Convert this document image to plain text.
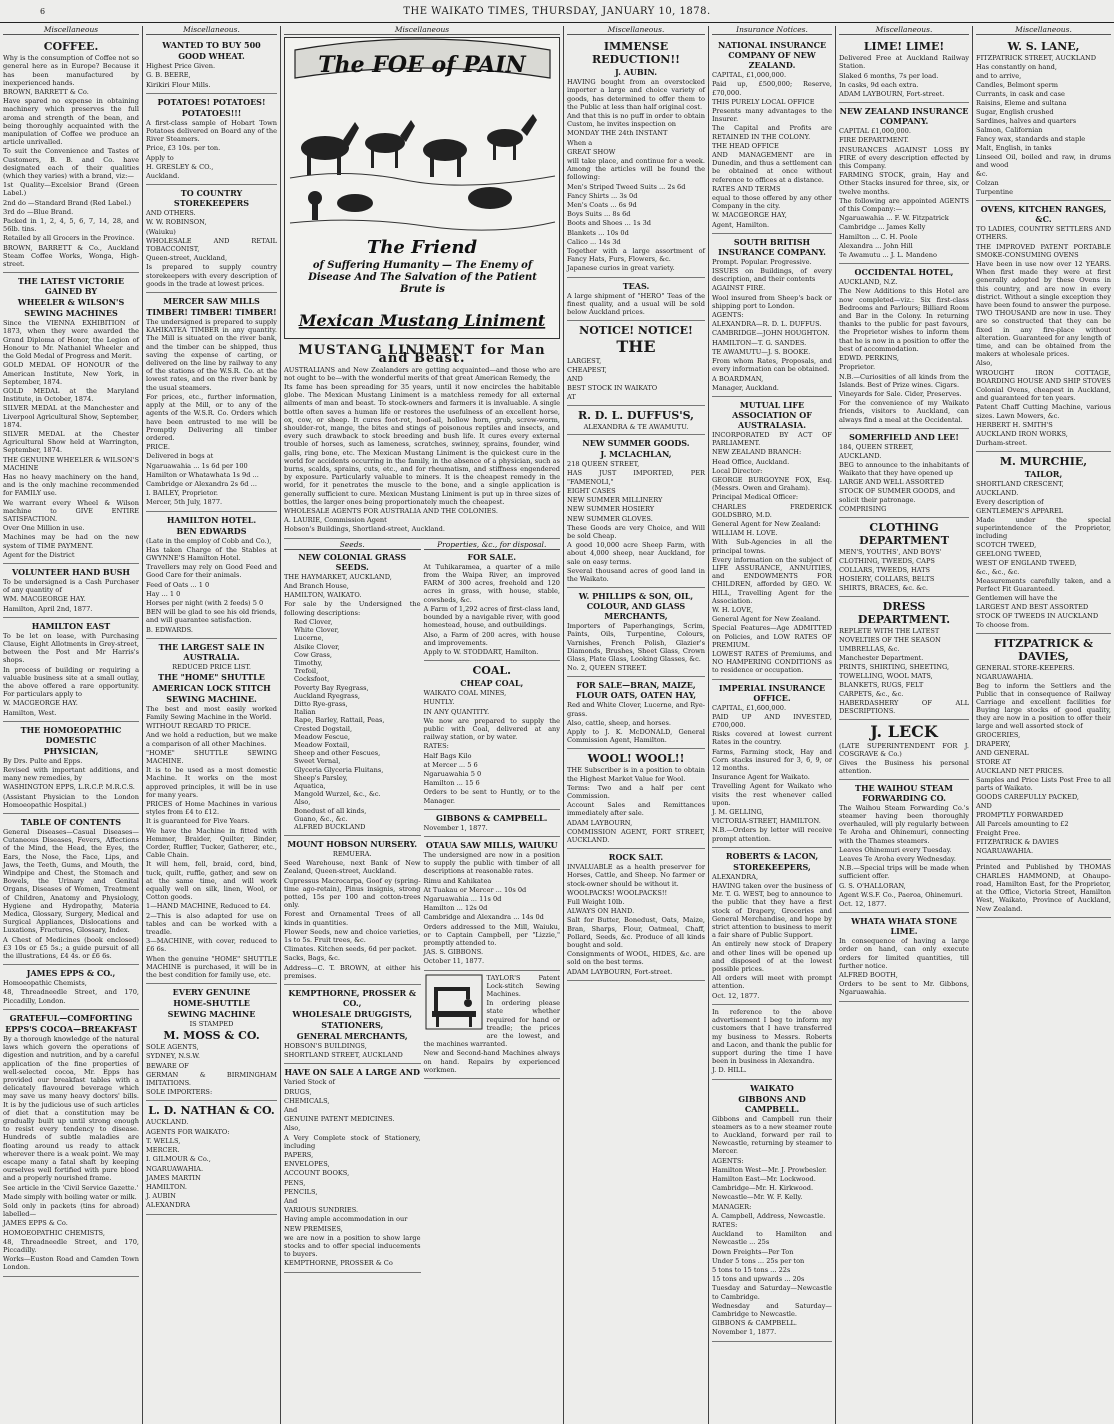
6	THE WAIKATO TIMES, THURSDAY, JANUARY 10, 1878.
Miscellaneous
COFFEE.

Why is the consumption of Coffee not so general here as in Europe? Because it has been manufactured by inexperienced hands.

BROWN, BARRETT & Co.

Have spared no expense in obtaining machinery which preserves the full aroma and strength of the bean, and being thoroughly acquainted with the manipulation of Coffee we produce an article unrivalled.

To suit the Convenience and Tastes of Customers, B. B. and Co. have designated each of their qualities (which they varies) with a brand, viz:—

1st Quality—Excelsior Brand (Green Label.)

2nd do —Standard Brand (Red Label.)

3rd do —Blue Brand.

Packed in 1, 2, 4, 5, 6, 7, 14, 28, and 56lb. tins.

Retailed by all Grocers in the Province.

BROWN, BARRETT & Co., Auckland Steam Coffee Works, Wonga, High-street.

THE LATEST VICTORIE GAINED BY
WHEELER & WILSON'S
SEWING MACHINES

Since the VIENNA EXHIBITION of 1873, when they were awarded the Grand Diploma of Honor, the Legion of Honour to Mr. Nathaniel Wheeler and the Gold Medal of Progress and Merit.

GOLD MEDAL OF HONOUR of the American Institute, New York, in September, 1874.

GOLD MEDAL at the Maryland Institute, in October, 1874.

SILVER MEDAL at the Manchester and Liverpool Agricultural Show, September, 1874.

SILVER MEDAL at the Chester Agricultural Show held at Warrington, September, 1874.

THE GENUINE WHEELER & WILSON'S MACHINE

Has no heavy machinery on the hand, and is the only machine recommended for FAMILY use.

We warrant every Wheel & Wilson machine to GIVE ENTIRE SATISFACTION.

Over One Million in use.

Machines may be had on the new system of TIME PAYMENT.

Agent for the District

VOLUNTEER HAND BUSH

To be undersigned is a Cash Purchaser of any quantity of

WM. MACGEORGE HAY.

Hamilton, April 2nd, 1877.

HAMILTON EAST

To be let on lease, with Purchasing Clause, Eight Allotments in Grey-street, between the Post and Mr Harris's shops.

In process of building or requiring a valuable business site at a small outlay, the above offered a rare opportunity. For particulars apply to

W. MACGEORGE HAY.

Hamilton, West.

THE HOMOEOPATHIC DOMESTIC
PHYSICIAN,

By Drs. Pulte and Epps.

Revised with important additions, and many new remedies, by

WASHINGTON EPPS, L.R.C.P. M.R.C.S.

(Assistant Physician to the London Homoeopathic Hospital.)

TABLE OF CONTENTS

General Diseases—Casual Diseases—Cutaneous Diseases, Fevers, Affections of the Mind, the Head, the Eyes, the Ears, the Nose, the Face, Lips, and Jaws, the Teeth, Gums, and Mouth, the Windpipe and Chest, the Stomach and Bowels, the Urinary and Genital Organs, Diseases of Women, Treatment of Children, Anatomy and Physiology, Hygiene and Hydropathy, Materia Medica, Glossary, Surgery, Medical and Surgical Appliances, Dislocations and Luxations, Fractures, Glossary, Index.

A Chest of Medicines (book enclosed) £3 10s or £5 5s.; a guide pursuit of all the illustrations, £4 4s. or £6 6s.

JAMES EPPS & CO.,

Homoeopathic Chemists,

48, Threadneedle Street, and 170, Piccadilly, London.

GRATEFUL—COMFORTING
EPPS'S COCOA—BREAKFAST

By a thorough knowledge of the natural laws which govern the operations of digestion and nutrition, and by a careful application of the fine properties of well-selected cocoa, Mr. Epps has provided our breakfast tables with a delicately flavoured beverage which may save us many heavy doctors' bills. It is by the judicious use of such articles of diet that a constitution may be gradually built up until strong enough to resist every tendency to disease. Hundreds of subtle maladies are floating around us ready to attack wherever there is a weak point. We may escape many a fatal shaft by keeping ourselves well fortified with pure blood and a properly nourished frame.

See article in the 'Civil Service Gazette.'

Made simply with boiling water or milk.

Sold only in packets (tins for abroad) labelled—

JAMES EPPS & Co.

HOMOEOPATHIC CHEMISTS,

48, Threadneedle Street, and 170, Piccadilly.

Works—Euston Road and Camden Town London.

Miscellaneous.
WANTED TO BUY 500
GOOD WHEAT.

Highest Price Given.

G. B. BEERE,

Kirikiri Flour Mills.

POTATOES! POTATOES!
POTATOES!!!

A first-class sample of Hobart Town Potatoes delivered on Board any of the River Steamers.

Price, £3 10s. per ton.

Apply to

H. GRESLEY & CO.,

Auckland.

TO COUNTRY STOREKEEPERS

AND OTHERS.

W. W. ROBINSON,

(Waiuku)

WHOLESALE AND RETAIL TOBACCONIST,

Queen-street, Auckland,

Is prepared to supply country storekeepers with every description of goods in the trade at lowest prices.

MERCER SAW MILLS
TIMBER! TIMBER! TIMBER!

The undersigned is prepared to supply KAHIKATEA TIMBER in any quantity. The Mill is situated on the river bank, and the timber can be shipped, thus saving the expense of carting, or delivered on the line by railway to any of the stations of the W.S.R. Co. at the lowest rates, and on the river bank by the usual steamers.

For prices, etc., further information, apply at the Mill, or to any of the agents of the W.S.R. Co. Orders which have been entrusted to me will be Promptly Delivering all timber ordered.

PRICE.

Delivered in bogs at

Ngaruawahia ... 1s 6d per 100

Hamilton or Whatawhata 1s 9d ...

Cambridge or Alexandra 2s 6d ...

I. BAILEY, Proprietor.

Mercer, 5th July, 1877.

HAMILTON HOTEL.
BEN EDWARDS

(Late in the employ of Cobb and Co.),

Has taken Charge of the Stables at GWYNNE'S Hamilton Hotel.

Travellers may rely on Good Feed and Good Care for their animals.

Feed of Oats ... 1 0

Hay ... 1 0

Horses per night (with 2 feeds) 5 0

BEN will be glad to see his old friends, and will guarantee satisfaction.

B. EDWARDS.

THE LARGEST SALE IN AUSTRALIA.
REDUCED PRICE LIST.
THE "HOME" SHUTTLE
AMERICAN LOCK STITCH
SEWING MACHINE.

The best and most easily worked Family Sewing Machine in the World.

WITHOUT REGARD TO PRICE.

And we hold a reduction, but we make a comparison of all other Machines.

"HOME" SHUTTLE SEWING MACHINE.

It is to be used as a most domestic Machine. It works on the most approved principles, it will be in use for many years.

PRICES of Home Machines in various styles from £4 to £12.

It is guaranteed for Five Years.

We have the Machine in fitted with Hemmer, Braider, Quilter, Binder, Corder, Ruffler, Tucker, Gatherer, etc., Cable Chain.

It will hem, fell, braid, cord, bind, tuck, quilt, ruffle, gather, and sew on at the same time, and will work equally well on silk, linen, Wool, or Cotton goods.

1—HAND MACHINE, Reduced to £4.

2—This is also adapted for use on tables and can be worked with a treadle.

3—MACHINE, with cover, reduced to £6 6s.

When the genuine "HOME" SHUTTLE MACHINE is purchased, it will be in the best condition for family use, etc.

EVERY GENUINE
HOME-SHUTTLE
SEWING MACHINE
IS STAMPED
M. MOSS & CO.

SOLE AGENTS,

SYDNEY, N.S.W.

BEWARE OF

GERMAN & BIRMINGHAM IMITATIONS.

SOLE IMPORTERS:

L. D. NATHAN & CO.

AUCKLAND.

AGENTS FOR WAIKATO:

T. WELLS,

MERCER.

I. GILMOUR & Co.,

NGARUAWAHIA.

JAMES MARTIN

HAMILTON.

J. AUBIN

ALEXANDRA

Miscellaneous
The FOE of PAIN
The Friend
of Suffering Humanity — The Enemy of Disease And The Salvation of the Patient Brute is
Mexican Mustang Liniment
MUSTANG LINIMENT for Man and Beast.

AUSTRALIANS and New Zealanders are getting acquainted—and those who are not ought to be—with the wonderful merits of that great American Remedy, the

Its fame has been spreading for 35 years, until it now encircles the habitable globe. The Mexican Mustang Liniment is a matchless remedy for all external ailments of man and beast. To stock-owners and farmers it is invaluable. A single bottle often saves a human life or restores the usefulness of an excellent horse, ox, cow, or sheep. It cures foot-rot, hoof-ail, hollow horn, grub, screw-worm, shoulder-rot, mange, the bites and stings of poisonous reptiles and insects, and every such drawback to stock breeding and bush life. It cures every external trouble of horses, such as lameness, scratches, swinney, sprains, founder, wind galls, ring bone, etc. The Mexican Mustang Liniment is the quickest cure in the world for accidents occurring in the family, in the absence of a physician, such as burns, scalds, sprains, cuts, etc., and for rheumatism, and stiffness engendered by exposure. Particularly valuable to miners. It is the cheapest remedy in the world, for it penetrates the muscle to the bone, and a single application is generally sufficient to cure. Mexican Mustang Liniment is put up in three sizes of bottles, the larger ones being proportionately much the cheapest.

WHOLESALE AGENTS FOR AUSTRALIA AND THE COLONIES.

A. LAURIE, Commission Agent

Hobson's Buildings, Shortland-street, Auckland.

Seeds.
NEW COLONIAL GRASS SEEDS.

THE HAYMARKET, AUCKLAND,

And Branch House,

HAMILTON, WAIKATO.

For sale by the Undersigned the following descriptions:

Red Clover,
White Clover,
Lucerne,
Alsike Clover,
Cow Grass,
Timothy,
Trefoil,
Cocksfoot,
Poverty Bay Ryegrass,
Auckland Ryegrass,
Ditto Rye-grass,
Italian
Rape, Barley, Rattail, Peas,
Crested Dogstail,
Meadow Fescue,
Meadow Foxtail,
Sheep and other Fescues,
Sweet Vernal,
Glyceria Glyceria Fluitans,
Sheep's Parsley,
Aquatica,
Mangold Wurzel, &c., &c.
Also,
Bonedust of all kinds,
Guano, &c., &c.
ALFRED BUCKLAND
MOUNT HOBSON NURSERY.
REMUERA.

Seed Warehouse, next Bank of New Zealand, Queen-street, Auckland.

Cupressus Macrocarpa, Goof ey (spring-time ago-retain), Pinus insignis, strong potted, 15s per 100 and cotton-trees only.

Forest and Ornamental Trees of all kinds in quantities.

Flower Seeds, new and choice varieties, 1s to 5s. Fruit trees, &c.

Climates. Kitchen seeds, 6d per packet.

Sacks, Bags, &c.

Address—C. T. BROWN, at either his premises.

KEMPTHORNE, PROSSER & CO.,
WHOLESALE DRUGGISTS,
STATIONERS,
GENERAL MERCHANTS,

HOBSON'S BUILDINGS,

SHORTLAND STREET, AUCKLAND

HAVE ON SALE A LARGE AND

Varied Stock of

DRUGS,

CHEMICALS,

And

GENUINE PATENT MEDICINES.

Also,

A Very Complete stock of Stationery, including

PAPERS,

ENVELOPES,

ACCOUNT BOOKS,

PENS,

PENCILS,

And

VARIOUS SUNDRIES.

Having ample accommodation in our

NEW PREMISES,

we are now in a position to show large stocks and to offer special inducements to buyers.

KEMPTHORNE, PROSSER & Co

Properties, &c., for disposal.
FOR SALE.

At Tuhikaramea, a quarter of a mile from the Waipa River, an improved FARM of 300 acres, freehold and 120 acres in grass, with house, stable, cowsheds, &c.

A Farm of 1,292 acres of first-class land, bounded by a navigable river, with good homestead, house, and outbuildings.

Also, a Farm of 200 acres, with house and improvements.

Apply to W. STODDART, Hamilton.

COAL.
CHEAP COAL,

WAIKATO COAL MINES,

HUNTLY.

IN ANY QUANTITY.

We now are prepared to supply the public with Coal, delivered at any railway station, or by water.

RATES:

Half Bags Kilo

at Mercer ... 5 6

Ngaruawahia 5 0

Hamilton ... 15 6

Orders to be sent to Huntly, or to the Manager.

GIBBONS & CAMPBELL.

November 1, 1877.

OTAUA SAW MILLS, WAIUKU

The undersigned are now in a position to supply the public with timber of all descriptions at reasonable rates.

Rimu and Kahikatea

At Tuakau or Mercer ... 10s 0d

Ngaruawahia ... 11s 0d

Hamilton ... 12s 0d

Cambridge and Alexandra ... 14s 0d

Orders addressed to the Mill, Waiuku, or to Captain Campbell, per "Lizzie," promptly attended to.

JAS. S. GIBBONS.

October 11, 1877.

TAYLOR'S Patent Lock-stitch Sewing Machines.

In ordering please state whether required for hand or treadle; the prices are the lowest, and the machines warranted.

New and Second-hand Machines always on hand. Repairs by experienced workmen.

Miscellaneous.
IMMENSE REDUCTION!!
J. AUBIN.

HAVING bought from an overstocked importer a large and choice variety of goods, has determined to offer them to the Public at less than half original cost.

And that this is no puff in order to obtain Custom, he invites inspection on

MONDAY THE 24th INSTANT

When a

GREAT SHOW

will take place, and continue for a week. Among the articles will be found the following:

Men's Striped Tweed Suits ... 2s 6d

Fancy Shirts ... 3s 0d

Men's Coats ... 6s 9d

Boys Suits ... 8s 6d

Boots and Shoes ... 1s 3d

Blankets ... 10s 0d

Calico ... 14s 3d

Together with a large assortment of Fancy Hats, Furs, Flowers, &c.

Japanese curios in great variety.

TEAS.

A large shipment of "HERO" Teas of the finest quality, and a usual will be sold below Auckland prices.

NOTICE! NOTICE!
THE

LARGEST,

CHEAPEST,

AND

BEST STOCK IN WAIKATO

AT

R. D. L. DUFFUS'S,
ALEXANDRA & TE AWAMUTU.
NEW SUMMER GOODS.
J. MCLACHLAN,

218 QUEEN STREET,

HAS JUST IMPORTED, PER "FAMENOLI,"

EIGHT CASES

NEW SUMMER MILLINERY

NEW SUMMER HOSIERY

NEW SUMMER GLOVES.

These Goods are very Choice, and Will be sold Cheap.

A good 10,000 acre Sheep Farm, with about 4,000 sheep, near Auckland, for sale on easy terms.

Several thousand acres of good land in the Waikato.

W. PHILLIPS & SON, OIL, COLOUR, AND GLASS MERCHANTS,

Importers of Paperhangings, Scrim, Paints, Oils, Turpentine, Colours, Varnishes, French Polish, Glazier's Diamonds, Brushes, Sheet Glass, Crown Glass, Plate Glass, Looking Glasses, &c.

No. 2, QUEEN STREET.

FOR SALE—BRAN, MAIZE, FLOUR OATS, OATEN HAY,

Red and White Clover, Lucerne, and Rye-grass.

Also, cattle, sheep, and horses.

Apply to J. K. McDONALD, General Commission Agent, Hamilton.

WOOL! WOOL!!

THE Subscriber is in a position to obtain the Highest Market Value for Wool.

Terms: Two and a half per cent Commission.

Account Sales and Remittances immediately after sale.

ADAM LAYBOURN,

COMMISSION AGENT, FORT STREET, AUCKLAND.

ROCK SALT.

INVALUABLE as a health preserver for Horses, Cattle, and Sheep. No farmer or stock-owner should be without it.

WOOLPACKS! WOOLPACKS!!

Full Weight 10lb.

ALWAYS ON HAND.

Salt for Butter, Bonedust, Oats, Maize, Bran, Sharps, Flour, Oatmeal, Chaff, Pollard, Seeds, &c. Produce of all kinds bought and sold.

Consignments of WOOL, HIDES, &c. are sold on the best terms.

ADAM LAYBOURN, Fort-street.

Insurance Notices.
NATIONAL INSURANCE COMPANY OF NEW ZEALAND.

CAPITAL, £1,000,000.

Paid up, £500,000; Reserve, £70,000.

THIS PURELY LOCAL OFFICE

Presents many advantages to the Insurer.

The Capital and Profits are RETAINED IN THE COLONY.

THE HEAD OFFICE

AND MANAGEMENT are in Dunedin, and thus a settlement can be obtained at once without reference to offices at a distance.

RATES AND TERMS

equal to those offered by any other Company in the city.

W. MACGEORGE HAY,

Agent, Hamilton.

SOUTH BRITISH INSURANCE COMPANY.

Prompt. Popular. Progressive.

ISSUES on Buildings, of every description, and their contents

AGAINST FIRE.

Wool insured from Sheep's back or shipping port to London.

AGENTS:

ALEXANDRA—R. D. L. DUFFUS.

CAMBRIDGE—JOHN HOUGHTON.

HAMILTON—T. G. SANDES.

TE AWAMUTU—J. S. BOOKE.

From whom Rates, Proposals, and every information can be obtained.

A BOARDMAN,

Manager, Auckland.

MUTUAL LIFE ASSOCIATION OF AUSTRALASIA.

INCORPORATED BY ACT OF PARLIAMENT.

NEW ZEALAND BRANCH:

Head Office, Auckland.

Local Director:

GEORGE BURGOYNE FOX, Esq. (Messrs. Owen and Graham).

Principal Medical Officer:

CHARLES FREDERICK GOLDSBRO, M.D.

General Agent for New Zealand:

WILLIAM H. LOVE.

With Sub-Agencies in all the principal towns.

Every information on the subject of LIFE ASSURANCE, ANNUITIES, and ENDOWMENTS FOR CHILDREN, afforded by GEO. W. HILL, Travelling Agent for the Association.

W. H. LOVE,

General Agent for New Zealand.

Special Features—Age ADMITTED on Policies, and LOW RATES OF PREMIUM.

LOWEST RATES of Premiums, and NO HAMPERING CONDITIONS as to residence or occupation.

IMPERIAL INSURANCE OFFICE.

CAPITAL, £1,600,000.

PAID UP AND INVESTED, £700,000.

Risks covered at lowest current Rates in the country.

Farms, Farming stock, Hay and Corn stacks insured for 3, 6, 9, or 12 months.

Insurance Agent for Waikato.

Travelling Agent for Waikato who visits the rest whenever called upon.

J. M. GELLING,

VICTORIA-STREET, HAMILTON.

N.B.—Orders by letter will receive prompt attention.

ROBERTS & LACON,
STOREKEEPERS,

ALEXANDRA,

HAVING taken over the business of Mr. T. G. WEST, beg to announce to the public that they have a first stock of Drapery, Groceries and General Merchandise, and hope by strict attention to business to merit a fair share of Public Support.

An entirely new stock of Drapery and other lines will be opened up and disposed of at the lowest possible prices.

All orders will meet with prompt attention.

Oct. 12, 1877.

In reference to the above advertisement I beg to inform my customers that I have transferred my business to Messrs. Roberts and Lacon, and thank the public for support during the time I have been in business in Alexandra.

J. D. HILL.

WAIKATO
GIBBONS AND CAMPBELL.

Gibbons and Campbell run their steamers as to a new steamer route to Auckland, forward per rail to Newcastle, returning by steamer to Mercer.

AGENTS:

Hamilton West—Mr. J. Prowbesler.

Hamilton East—Mr. Lockwood.

Cambridge—Mr. H. Kirkwood.

Newcastle—Mr. W. F. Kelly.

MANAGER:

A. Campbell, Address, Newcastle.

RATES:

Auckland to Hamilton and Newcastle ... 25s

Down Freights—Per Ton

Under 5 tons ... 25s per ton

5 tons to 15 tons ... 22s

15 tons and upwards ... 20s

Tuesday and Saturday—Newcastle to Cambridge.

Wednesday and Saturday—Cambridge to Newcastle.

GIBBONS & CAMPBELL.

November 1, 1877.

Miscellaneous.
LIME! LIME!

Delivered Free at Auckland Railway Station.

Slaked 6 months, 7s per load.

In casks, 9d each extra.

ADAM LAYBOURN, Fort-street.

NEW ZEALAND INSURANCE COMPANY.

CAPITAL £1,000,000.

FIRE DEPARTMENT.

INSURANCES AGAINST LOSS BY FIRE of every description effected by this Company.

FARMING STOCK, grain, Hay and Other Stacks insured for three, six, or twelve months.

The following are appointed AGENTS of this Company:—

Ngaruawahia ... F. W. Fitzpatrick

Cambridge ... James Kelly

Hamilton ... C. H. Poole

Alexandra ... John Hill

Te Awamutu ... J. L. Mandeno

OCCIDENTAL HOTEL,

AUCKLAND, N.Z.

The New Additions to this Hotel are now completed—viz.: Six first-class Bedrooms and Parlours; Billiard Room and Bar in the Colony. In returning thanks to the public for past favours, the Proprietor wishes to inform them that he is now in a position to offer the best of accommodation.

EDWD. PERKINS,

Proprietor.

N.B.—Curiosities of all kinds from the Islands. Best of Prize wines. Cigars.

Vineyards for Sale. Cider, Preserves.

For the convenience of my Waikato friends, visitors to Auckland, can always find a meal at the Occidental.

SOMERFIELD AND LEE!

184, QUEEN STREET,

AUCKLAND.

BEG to announce to the inhabitants of Waikato that they have opened up

LARGE AND WELL ASSORTED

STOCK OF SUMMER GOODS, and

solicit their patronage.

COMPRISING

CLOTHING DEPARTMENT

MEN'S, YOUTHS', AND BOYS'

CLOTHING, TWEEDS, CAPS

COLLARS, TWEEDS, HATS

HOSIERY, COLLARS, BELTS

SHIRTS, BRACES, &c. &c.

DRESS DEPARTMENT.

REPLETE WITH THE LATEST

NOVELTIES OF THE SEASON

UMBRELLAS, &c.

Manchester Department.

PRINTS, SHIRTING, SHEETING,

TOWELLING, WOOL MATS,

BLANKETS, RUGS, FELT

CARPETS, &c., &c.

HABERDASHERY OF ALL DESCRIPTIONS.

J. LECK

(LATE SUPERINTENDENT FOR J. COSGRAVE & Co.)

Gives the Business his personal attention.

THE WAIHOU STEAM FORWARDING CO.

The Waihou Steam Forwarding Co.'s steamer having been thoroughly overhauled, will ply regularly between Te Aroha and Ohinemuri, connecting with the Thames steamers.

Leaves Ohinemuri every Tuesday.

Leaves Te Aroha every Wednesday.

N.B.—Special trips will be made when sufficient offer.

G. S. O'HALLORAN,

Agent W.S.F. Co., Paeroa, Ohinemuri.

Oct. 12, 1877.

WHATA WHATA STONE LIME.

In consequence of having a large order on hand, can only execute orders for limited quantities, till further notice.

ALFRED BOOTH,

Orders to be sent to Mr. Gibbons, Ngaruawahia.

Miscellaneous.
W. S. LANE,

FITZPATRICK STREET, AUCKLAND

Has constantly on hand,

and to arrive,

Candles, Belmont sperm

Currants, in cask and case

Raisins, Eleme and sultana

Sugar, English crushed

Sardines, halves and quarters

Salmon, Californian

Fancy wax, standards and staple

Malt, English, in tanks

Linseed Oil, boiled and raw, in drums and wood

&c.

Colzan

Turpentine

OVENS, KITCHEN RANGES, &C.

TO LADIES, COUNTRY SETTLERS AND OTHERS.

THE IMPROVED PATENT PORTABLE SMOKE-CONSUMING OVENS

Have been in use now over 12 YEARS. When first made they were at first generally adopted by these Ovens in this country, and are now in every district. Without a single exception they have been found to answer the purpose. TWO THOUSAND are now in use. They are so constructed that they can be fixed in any fire-place without alteration. Guaranteed for any length of time, and can be obtained from the makers at wholesale prices.

Also,

WROUGHT IRON COTTAGE, BOARDING HOUSE AND SHIP STOVES

Colonial Ovens, cheapest in Auckland, and guaranteed for ten years.

Patent Chaff Cutting Machine, various sizes. Lawn Mowers, &c.

HERBERT H. SMITH'S

AUCKLAND IRON WORKS,

Durham-street.

M. MURCHIE,
TAILOR,

SHORTLAND CRESCENT,

AUCKLAND.

Every description of

GENTLEMEN'S APPAREL

Made under the special superintendence of the Proprietor, including

SCOTCH TWEED,

GEELONG TWEED,

WEST OF ENGLAND TWEED,

&c., &c., &c.

Measurements carefully taken, and a Perfect Fit Guaranteed.

Gentlemen will have the

LARGEST AND BEST ASSORTED

STOCK OF TWEEDS IN AUCKLAND

To choose from.

FITZPATRICK & DAVIES,

GENERAL STORE-KEEPERS.

NGARUAWAHIA.

Beg to inform the Settlers and the Public that in consequence of Railway Carriage and excellent facilities for Buying large stocks of good quality, they are now in a position to offer their large and well assorted stock of

GROCERIES,

DRAPERY,

AND GENERAL

STORE AT

AUCKLAND NET PRICES.

Samples and Price Lists Post Free to all parts of Waikato.

GOODS CAREFULLY PACKED,

AND

PROMPTLY FORWARDED

All Parcels amounting to £2

Freight Free.

FITZPATRICK & DAVIES

NGARUAWAHIA.

Printed and Published by THOMAS CHARLES HAMMOND, at Ohaupo-road, Hamilton East, for the Proprietor, at the Office, Victoria Street, Hamilton West, Waikato, Province of Auckland, New Zealand.
